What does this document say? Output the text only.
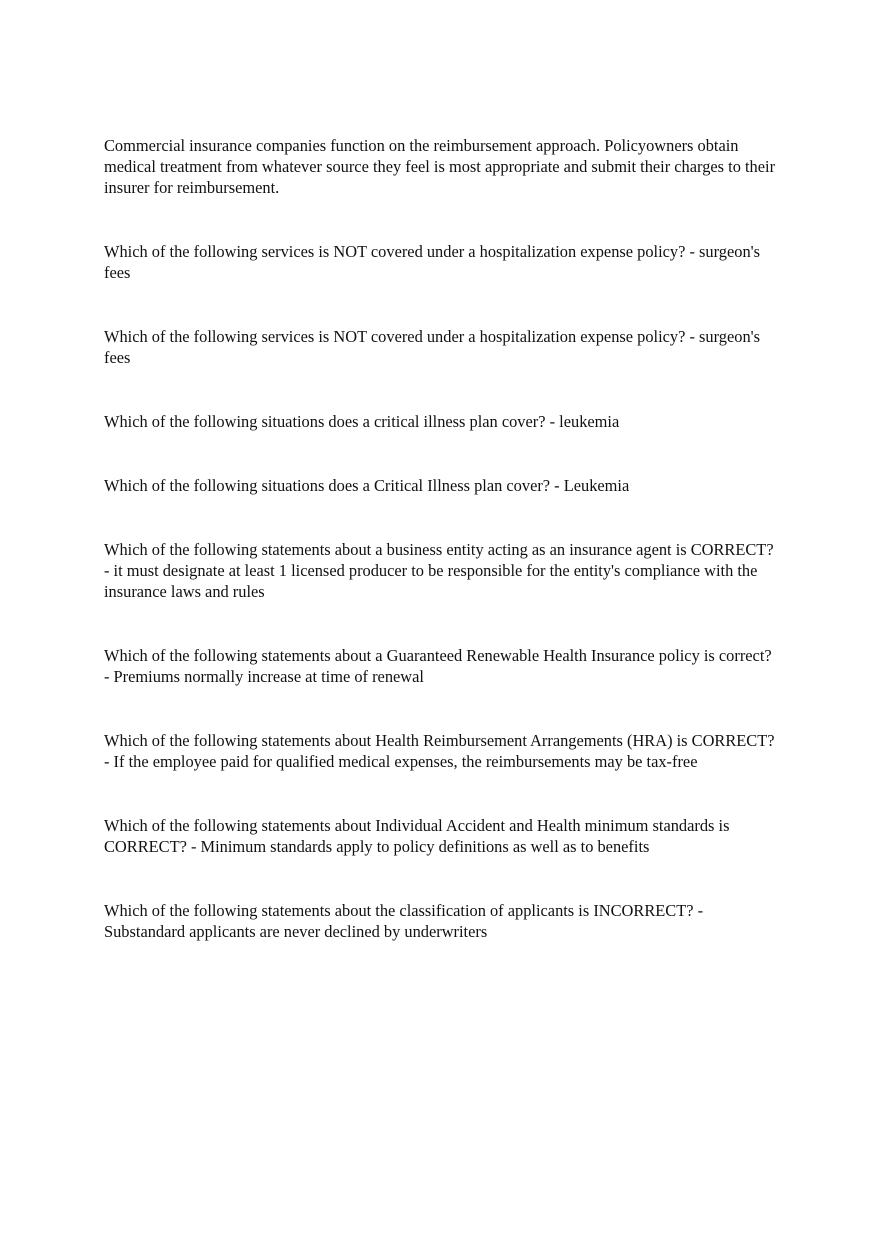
Commercial insurance companies function on the reimbursement approach. Policyowners obtain medical treatment from whatever source they feel is most appropriate and submit their charges to their insurer for reimbursement.

Which of the following services is NOT covered under a hospitalization expense policy? - surgeon's fees

Which of the following services is NOT covered under a hospitalization expense policy? - surgeon's fees

Which of the following situations does a critical illness plan cover? - leukemia

Which of the following situations does a Critical Illness plan cover? - Leukemia

Which of the following statements about a business entity acting as an insurance agent is CORRECT? - it must designate at least 1 licensed producer to be responsible for the entity's compliance with the insurance laws and rules

Which of the following statements about a Guaranteed Renewable Health Insurance policy is correct? - Premiums normally increase at time of renewal

Which of the following statements about Health Reimbursement Arrangements (HRA) is CORRECT? - If the employee paid for qualified medical expenses, the reimbursements may be tax-free

Which of the following statements about Individual Accident and Health minimum standards is CORRECT? - Minimum standards apply to policy definitions as well as to benefits

Which of the following statements about the classification of applicants is INCORRECT? - Substandard applicants are never declined by underwriters
